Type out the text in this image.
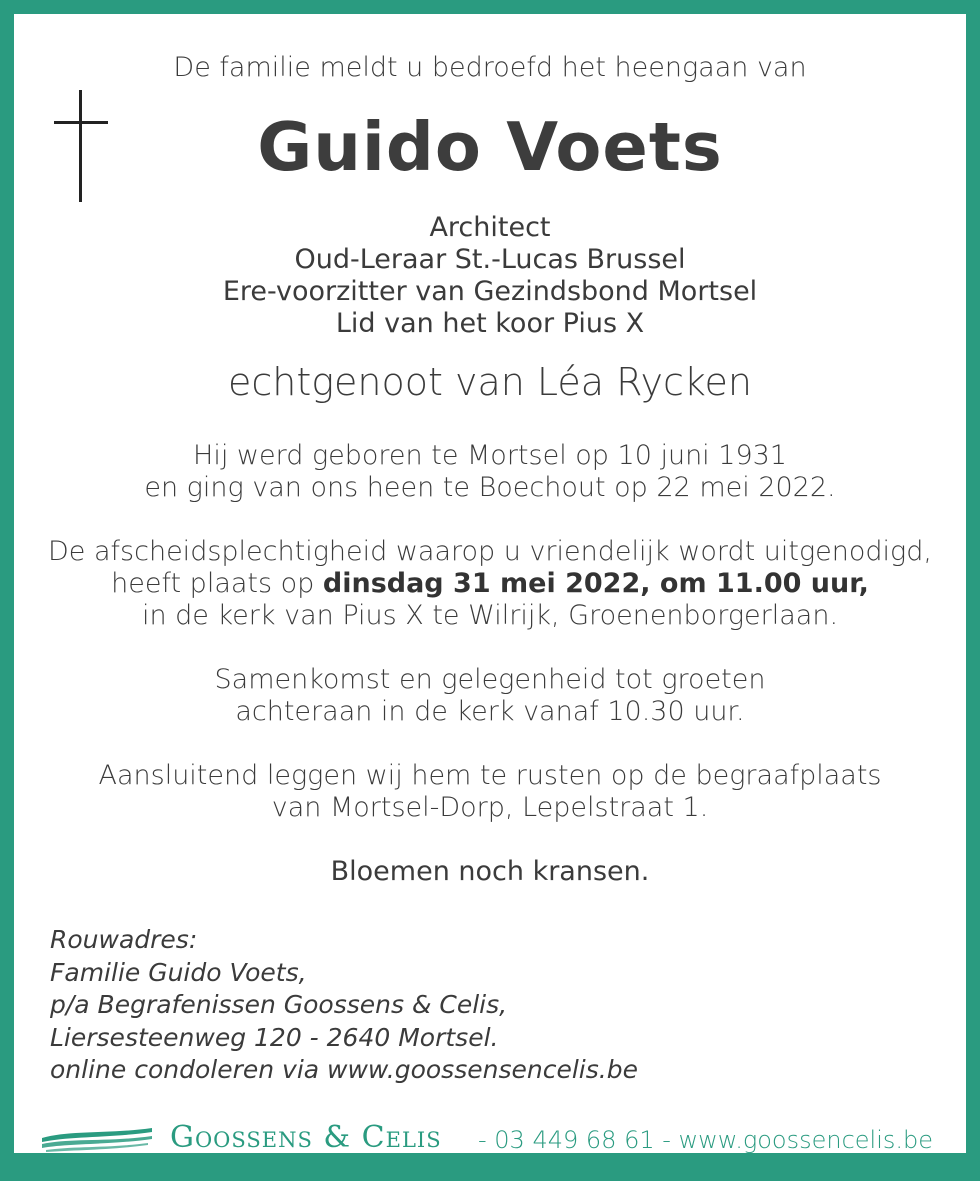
De familie meldt u bedroefd het heengaan van
Guido Voets
Architect
Oud-Leraar St.-Lucas Brussel
Ere-voorzitter van Gezindsbond Mortsel
Lid van het koor Pius X
echtgenoot van Léa Rycken
Hij werd geboren te Mortsel op 10 juni 1931
en ging van ons heen te Boechout op 22 mei 2022.
De afscheidsplechtigheid waarop u vriendelijk wordt uitgenodigd,
heeft plaats op dinsdag 31 mei 2022, om 11.00 uur,
in de kerk van Pius X te Wilrijk, Groenenborgerlaan.
Samenkomst en gelegenheid tot groeten
achteraan in de kerk vanaf 10.30 uur.
Aansluitend leggen wij hem te rusten op de begraafplaats
van Mortsel-Dorp, Lepelstraat 1.
Bloemen noch kransen.
Rouwadres:
Familie Guido Voets,
p/a Begrafenissen Goossens & Celis,
Liersesteenweg 120 - 2640 Mortsel.
online condoleren via www.goossensencelis.be
Goossens & Celis - 03 449 68 61 - www.goossencelis.be
